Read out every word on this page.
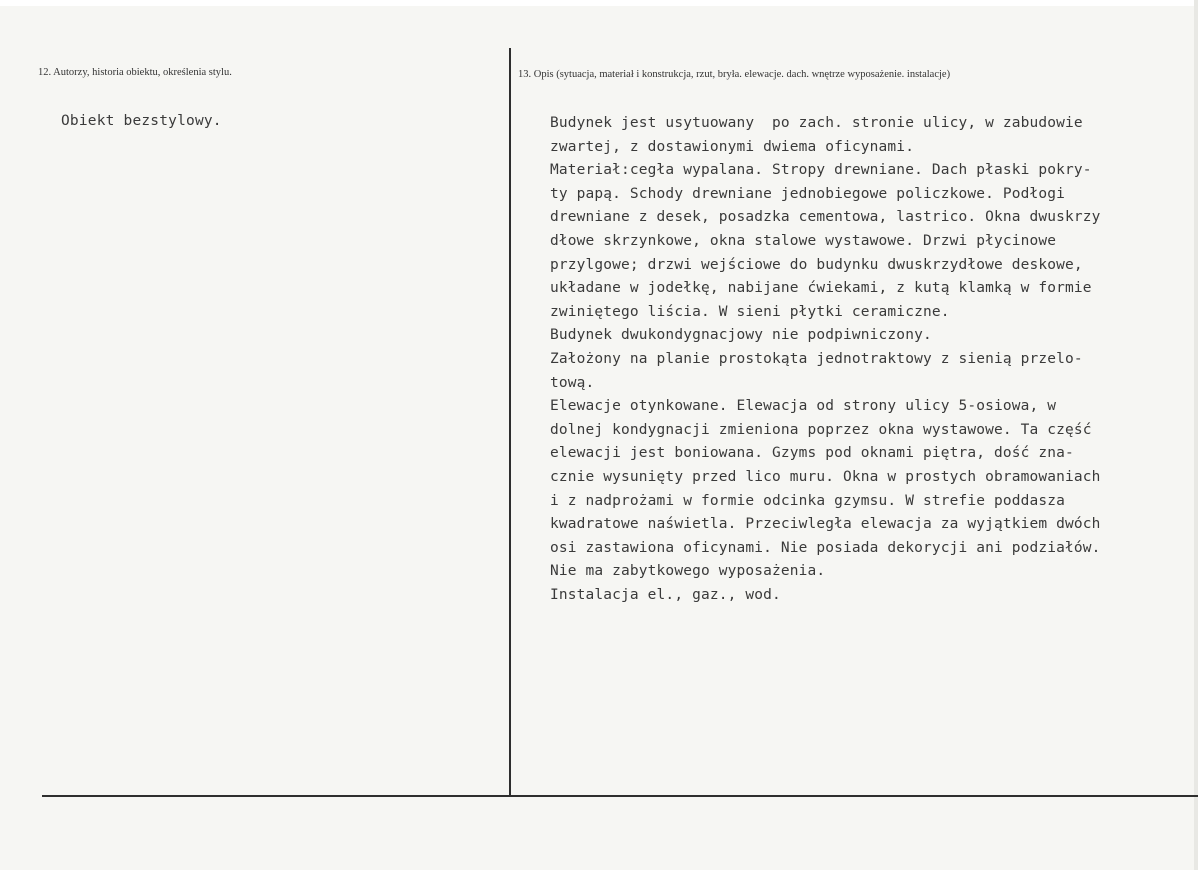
12. Autorzy, historia obiektu, określenia stylu.	13. Opis (sytuacja, materiał i konstrukcja, rzut, bryła. elewacje. dach. wnętrze wyposażenie. instalacje)
Obiekt bezstylowy.	Budynek jest usytuowany  po zach. stronie ulicy, w zabudowie
zwartej, z dostawionymi dwiema oficynami.
Materiał:cegła wypalana. Stropy drewniane. Dach płaski pokry-
ty papą. Schody drewniane jednobiegowe policzkowe. Podłogi
drewniane z desek, posadzka cementowa, lastrico. Okna dwuskrzy
dłowe skrzynkowe, okna stalowe wystawowe. Drzwi płycinowe
przylgowe; drzwi wejściowe do budynku dwuskrzydłowe deskowe,
układane w jodełkę, nabijane ćwiekami, z kutą klamką w formie
zwiniętego liścia. W sieni płytki ceramiczne.
Budynek dwukondygnacjowy nie podpiwniczony.
Założony na planie prostokąta jednotraktowy z sienią przelo-
tową.
Elewacje otynkowane. Elewacja od strony ulicy 5-osiowa, w
dolnej kondygnacji zmieniona poprzez okna wystawowe. Ta część
elewacji jest boniowana. Gzyms pod oknami piętra, dość zna-
cznie wysunięty przed lico muru. Okna w prostych obramowaniach
i z nadprożami w formie odcinka gzymsu. W strefie poddasza
kwadratowe naświetla. Przeciwległa elewacja za wyjątkiem dwóch
osi zastawiona oficynami. Nie posiada dekorycji ani podziałów.
Nie ma zabytkowego wyposażenia.
Instalacja el., gaz., wod.
